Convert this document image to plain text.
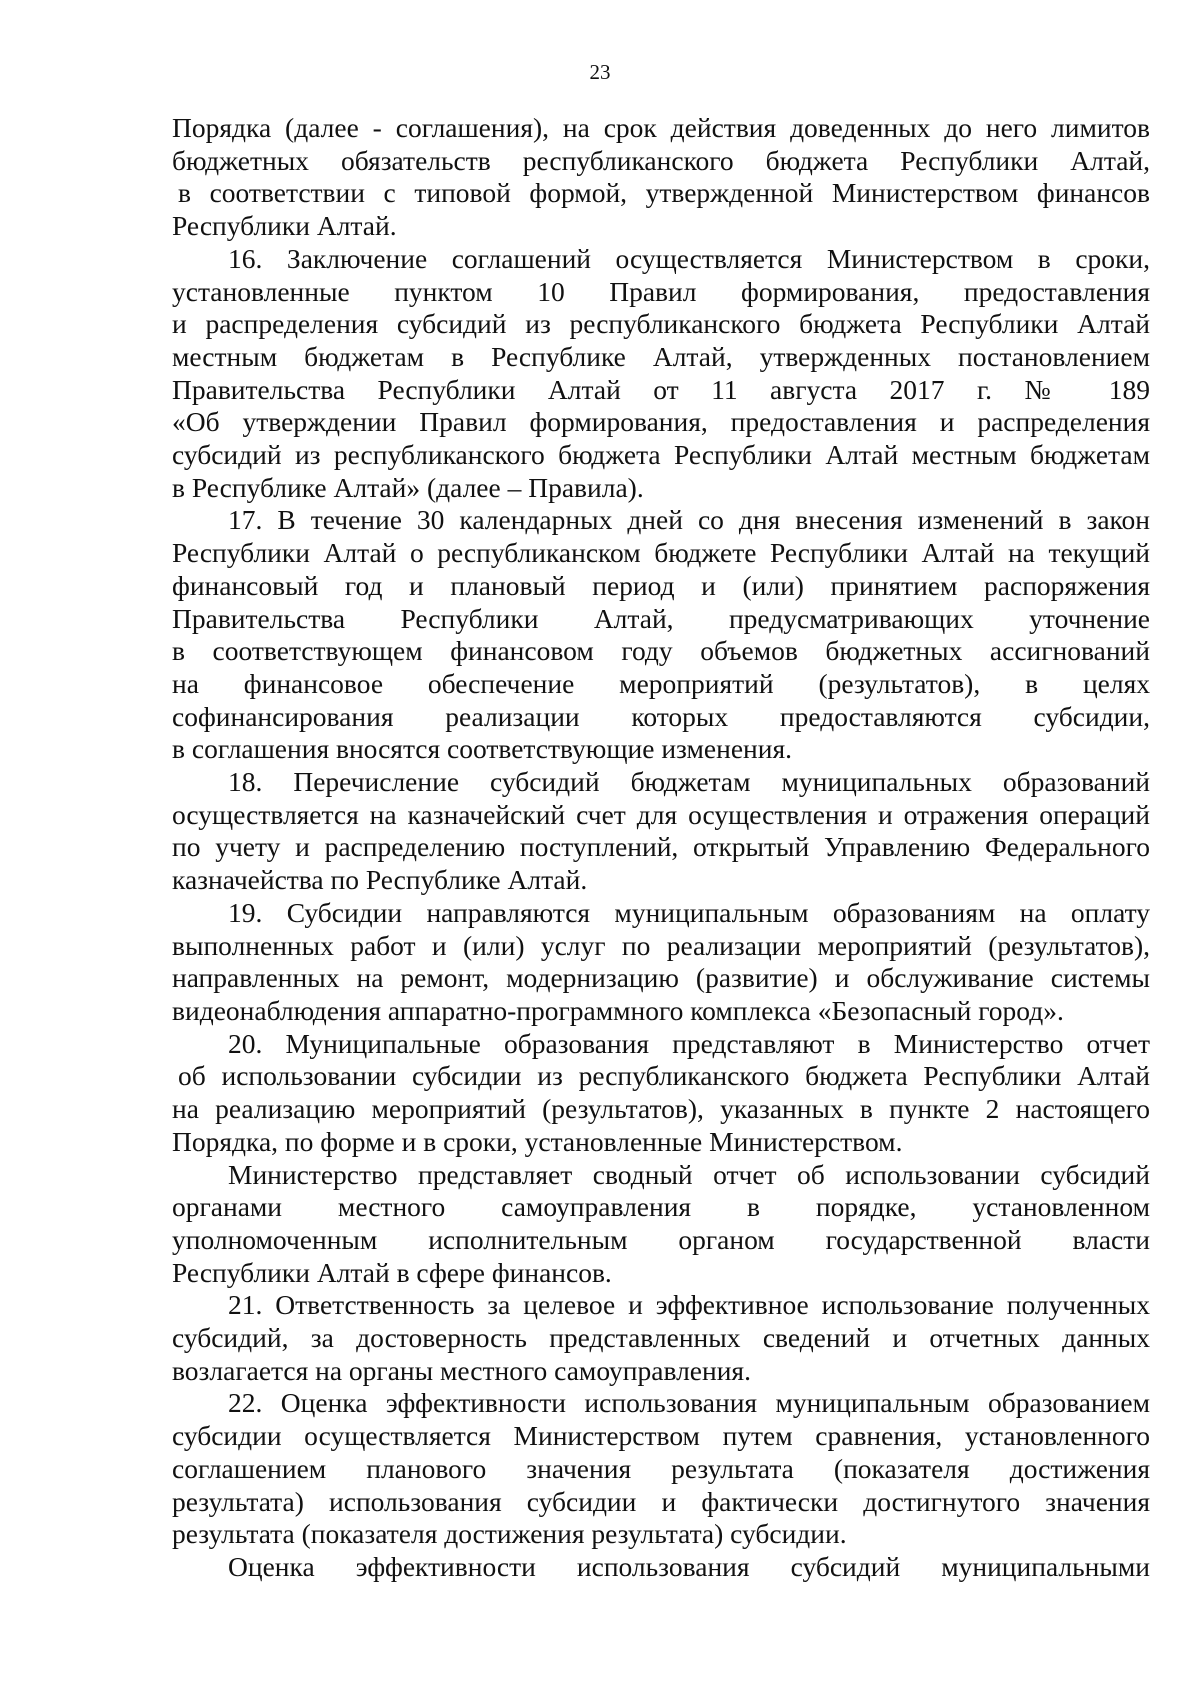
23

Порядка (далее - соглашения), на срок действия доведенных до него лимитов
бюджетных обязательств республиканского бюджета Республики Алтай,
в соответствии с типовой формой, утвержденной Министерством финансов
Республики Алтай.

16. Заключение соглашений осуществляется Министерством в сроки,
установленные пунктом 10 Правил формирования, предоставления
и распределения субсидий из республиканского бюджета Республики Алтай
местным бюджетам в Республике Алтай, утвержденных постановлением
Правительства Республики Алтай от 11 августа 2017 г. № 189
«Об утверждении Правил формирования, предоставления и распределения
субсидий из республиканского бюджета Республики Алтай местным бюджетам
в Республике Алтай» (далее – Правила).

17. В течение 30 календарных дней со дня внесения изменений в закон
Республики Алтай о республиканском бюджете Республики Алтай на текущий
финансовый год и плановый период и (или) принятием распоряжения
Правительства Республики Алтай, предусматривающих уточнение
в соответствующем финансовом году объемов бюджетных ассигнований
на финансовое обеспечение мероприятий (результатов), в целях
софинансирования реализации которых предоставляются субсидии,
в соглашения вносятся соответствующие изменения.

18. Перечисление субсидий бюджетам муниципальных образований
осуществляется на казначейский счет для осуществления и отражения операций
по учету и распределению поступлений, открытый Управлению Федерального
казначейства по Республике Алтай.

19. Субсидии направляются муниципальным образованиям на оплату
выполненных работ и (или) услуг по реализации мероприятий (результатов),
направленных на ремонт, модернизацию (развитие) и обслуживание системы
видеонаблюдения аппаратно-программного комплекса «Безопасный город».

20. Муниципальные образования представляют в Министерство отчет
об использовании субсидии из республиканского бюджета Республики Алтай
на реализацию мероприятий (результатов), указанных в пункте 2 настоящего
Порядка, по форме и в сроки, установленные Министерством.

Министерство представляет сводный отчет об использовании субсидий
органами местного самоуправления в порядке, установленном
уполномоченным исполнительным органом государственной власти
Республики Алтай в сфере финансов.

21. Ответственность за целевое и эффективное использование полученных
субсидий, за достоверность представленных сведений и отчетных данных
возлагается на органы местного самоуправления.

22. Оценка эффективности использования муниципальным образованием
субсидии осуществляется Министерством путем сравнения, установленного
соглашением планового значения результата (показателя достижения
результата) использования субсидии и фактически достигнутого значения
результата (показателя достижения результата) субсидии.

Оценка эффективности использования субсидий муниципальными
